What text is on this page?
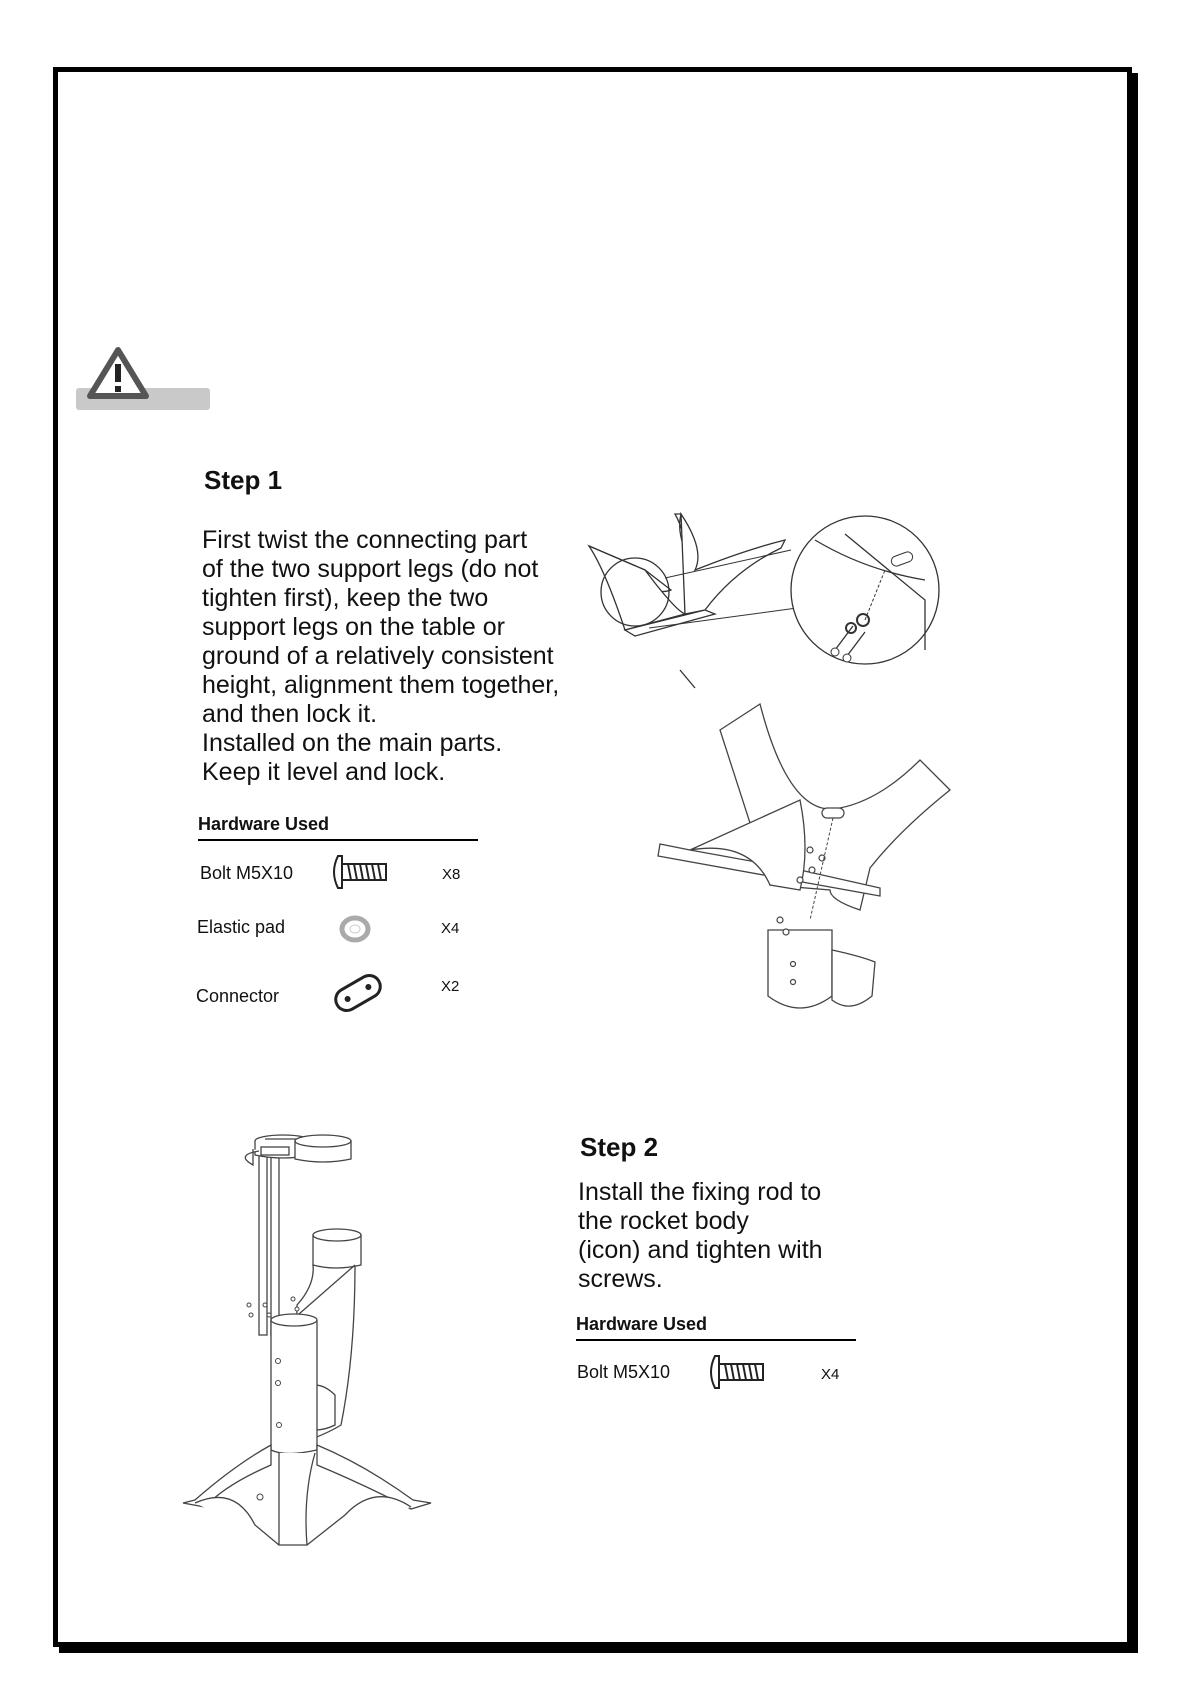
Step 1
First twist the connecting part
of the two support legs (do not
tighten first), keep the two
support legs on the table or
ground of a relatively consistent
height, alignment them together,
and then lock it.
Installed on the main parts.
Keep it level and lock.
Hardware Used
Bolt M5X10	X8
Elastic pad	X4
Connector	X2
Step 2
Install the fixing rod to
the rocket body
(icon) and tighten with
screws.
Hardware Used
Bolt M5X10	X4
